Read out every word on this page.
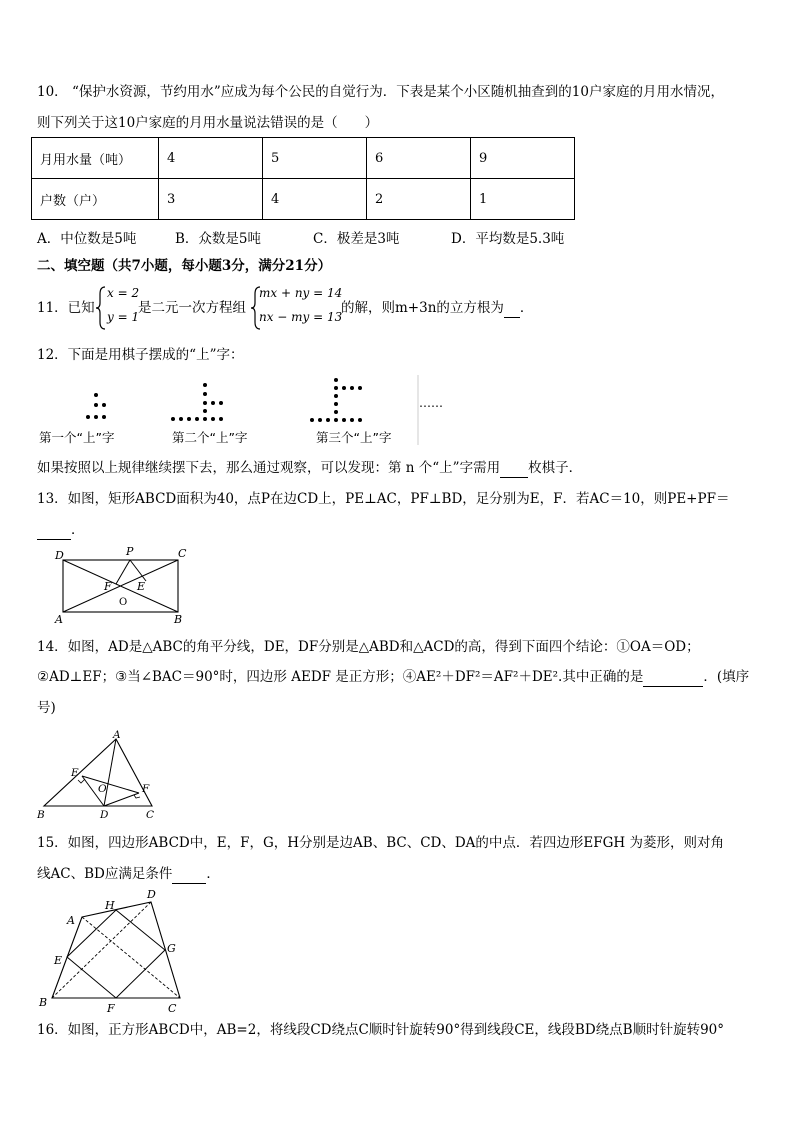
10． “保护水资源，节约用水”应成为每个公民的自觉行为．下表是某个小区随机抽查到的10户家庭的月用水情况，
则下列关于这10户家庭的月用水量说法错误的是（　　）
月用水量（吨）	4	5	6	9
户数（户）	3	4	2	1
A．中位数是5吨	B．众数是5吨	C．极差是3吨	D．平均数是5.3吨
二、填空题（共7小题，每小题3分，满分21分）
11．已知
x = 2
y = 1
是二元一次方程组
mx + ny = 14
nx − my = 13
的解，则m+3n的立方根为 ．
12．下面是用棋子摆成的“上”字：
第一个“上”字	第二个“上”字	第三个“上”字
……
如果按照以上规律继续摆下去，那么通过观察，可以发现：第 n 个“上”字需用 枚棋子．
13．如图，矩形ABCD面积为40，点P在边CD上，PE⊥AC，PF⊥BD，足分别为E，F．若AC＝10，则PE+PF＝
．
D	P	C
F E
O
A	B
14．如图，AD是△ABC的角平分线，DE，DF分别是△ABD和△ACD的高，得到下面四个结论：①OA＝OD；
②AD⊥EF；③当∠BAC＝90°时，四边形 AEDF 是正方形；④AE²＋DF²＝AF²＋DE².其中正确的是	．(填序
号)
A
E
O	F
B	D	C
15．如图，四边形ABCD中，E，F，G，H分别是边AB、BC、CD、DA的中点．若四边形EFGH 为菱形，则对角
线AC、BD应满足条件	．
D
H
A
G
E
B	F	C
16．如图，正方形ABCD中，AB=2，将线段CD绕点C顺时针旋转90°得到线段CE，线段BD绕点B顺时针旋转90°
